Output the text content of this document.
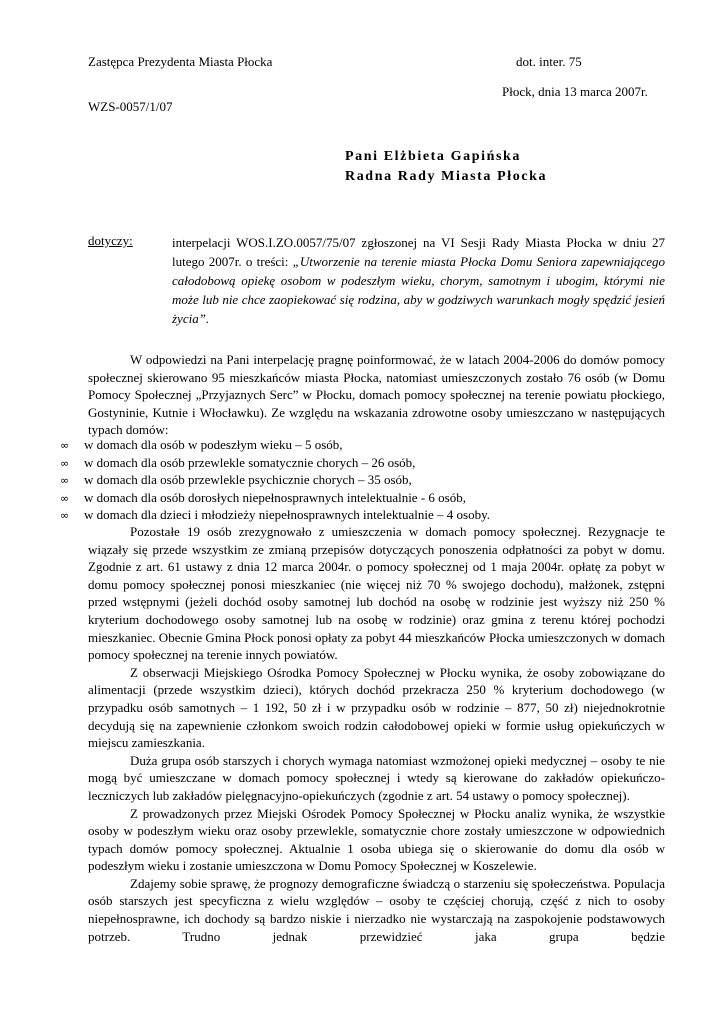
Zastępca Prezydenta Miasta Płocka	dot. inter. 75
Płock, dnia 13 marca 2007r.
WZS-0057/1/07
Pani Elżbieta Gapińska
Radna Rady Miasta Płocka
dotyczy:	interpelacji WOS.I.ZO.0057/75/07 zgłoszonej na VI Sesji Rady Miasta Płocka w dniu 27 lutego 2007r. o treści: „Utworzenie na terenie miasta Płocka Domu Seniora zapewniającego całodobową opiekę osobom w podeszłym wieku, chorym, samotnym i ubogim, którymi nie może lub nie chce zaopiekować się rodzina, aby w godziwych warunkach mogły spędzić jesień życia”.

W odpowiedzi na Pani interpelację pragnę poinformować, że w latach 2004-2006 do domów pomocy społecznej skierowano 95 mieszkańców miasta Płocka, natomiast umieszczonych zostało 76 osób (w Domu Pomocy Społecznej „Przyjaznych Serc” w Płocku, domach pomocy społecznej na terenie powiatu płockiego, Gostyninie, Kutnie i Włocławku). Ze względu na wskazania zdrowotne osoby umieszczano w następujących typach domów:

∞ w domach dla osób w podeszłym wieku – 5 osób,
∞ w domach dla osób przewlekle somatycznie chorych – 26 osób,
∞ w domach dla osób przewlekle psychicznie chorych – 35 osób,
∞ w domach dla osób dorosłych niepełnosprawnych intelektualnie - 6 osób,
∞ w domach dla dzieci i młodzieży niepełnosprawnych intelektualnie – 4 osoby.

Pozostałe 19 osób zrezygnowało z umieszczenia w domach pomocy społecznej. Rezygnacje te wiązały się przede wszystkim ze zmianą przepisów dotyczących ponoszenia odpłatności za pobyt w domu. Zgodnie z art. 61 ustawy z dnia 12 marca 2004r. o pomocy społecznej od 1 maja 2004r. opłatę za pobyt w domu pomocy społecznej ponosi mieszkaniec (nie więcej niż 70 % swojego dochodu), małżonek, zstępni przed wstępnymi (jeżeli dochód osoby samotnej lub dochód na osobę w rodzinie jest wyższy niż 250 % kryterium dochodowego osoby samotnej lub na osobę w rodzinie) oraz gmina z terenu której pochodzi mieszkaniec. Obecnie Gmina Płock ponosi opłaty za pobyt 44 mieszkańców Płocka umieszczonych w domach pomocy społecznej na terenie innych powiatów.

Z obserwacji Miejskiego Ośrodka Pomocy Społecznej w Płocku wynika, że osoby zobowiązane do alimentacji (przede wszystkim dzieci), których dochód przekracza 250 % kryterium dochodowego (w przypadku osób samotnych – 1 192, 50 zł i w przypadku osób w rodzinie – 877, 50 zł) niejednokrotnie decydują się na zapewnienie członkom swoich rodzin całodobowej opieki w formie usług opiekuńczych w miejscu zamieszkania.

Duża grupa osób starszych i chorych wymaga natomiast wzmożonej opieki medycznej – osoby te nie mogą być umieszczane w domach pomocy społecznej i wtedy są kierowane do zakładów opiekuńczo-leczniczych lub zakładów pielęgnacyjno-opiekuńczych (zgodnie z art. 54 ustawy o pomocy społecznej).

Z prowadzonych przez Miejski Ośrodek Pomocy Społecznej w Płocku analiz wynika, że wszystkie osoby w podeszłym wieku oraz osoby przewlekle, somatycznie chore zostały umieszczone w odpowiednich typach domów pomocy społecznej. Aktualnie 1 osoba ubiega się o skierowanie do domu dla osób w podeszłym wieku i zostanie umieszczona w Domu Pomocy Społecznej w Koszelewie.

Zdajemy sobie sprawę, że prognozy demograficzne świadczą o starzeniu się społeczeństwa. Populacja osób starszych jest specyficzna z wielu względów – osoby te częściej chorują, część z nich to osoby niepełnosprawne, ich dochody są bardzo niskie i nierzadko nie wystarczają na zaspokojenie podstawowych potrzeb. Trudno jednak przewidzieć jaka grupa będzie
